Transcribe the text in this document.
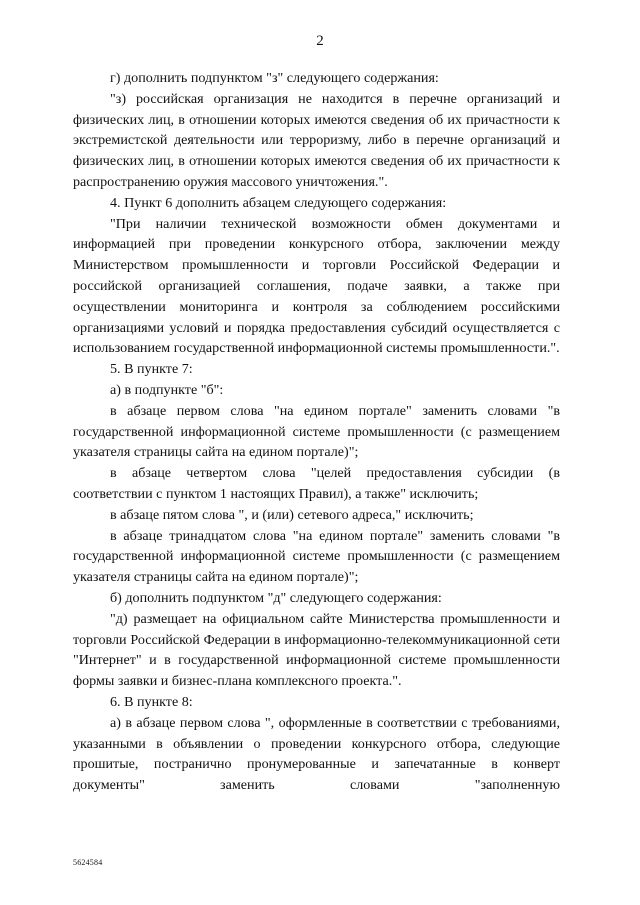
2

г) дополнить подпунктом "з" следующего содержания:

"з) российская организация не находится в перечне организаций и физических лиц, в отношении которых имеются сведения об их причастности к экстремистской деятельности или терроризму, либо в перечне организаций и физических лиц, в отношении которых имеются сведения об их причастности к распространению оружия массового уничтожения.".

4. Пункт 6 дополнить абзацем следующего содержания:

"При наличии технической возможности обмен документами и информацией при проведении конкурсного отбора, заключении между Министерством промышленности и торговли Российской Федерации и российской организацией соглашения, подаче заявки, а также при осуществлении мониторинга и контроля за соблюдением российскими организациями условий и порядка предоставления субсидий осуществляется с использованием государственной информационной системы промышленности.".

5. В пункте 7:

а) в подпункте "б":

в абзаце первом слова "на едином портале" заменить словами "в государственной информационной системе промышленности (с размещением указателя страницы сайта на едином портале)";

в абзаце четвертом слова "целей предоставления субсидии (в соответствии с пунктом 1 настоящих Правил), а также" исключить;

в абзаце пятом слова ", и (или) сетевого адреса," исключить;

в абзаце тринадцатом слова "на едином портале" заменить словами "в государственной информационной системе промышленности (с размещением указателя страницы сайта на едином портале)";

б) дополнить подпунктом "д" следующего содержания:

"д) размещает на официальном сайте Министерства промышленности и торговли Российской Федерации в информационно-телекоммуникационной сети "Интернет" и в государственной информационной системе промышленности формы заявки и бизнес-плана комплексного проекта.".

6. В пункте 8:

а) в абзаце первом слова ", оформленные в соответствии с требованиями, указанными в объявлении о проведении конкурсного отбора, следующие прошитые, постранично пронумерованные и запечатанные в конверт документы" заменить словами "заполненную

5624584
